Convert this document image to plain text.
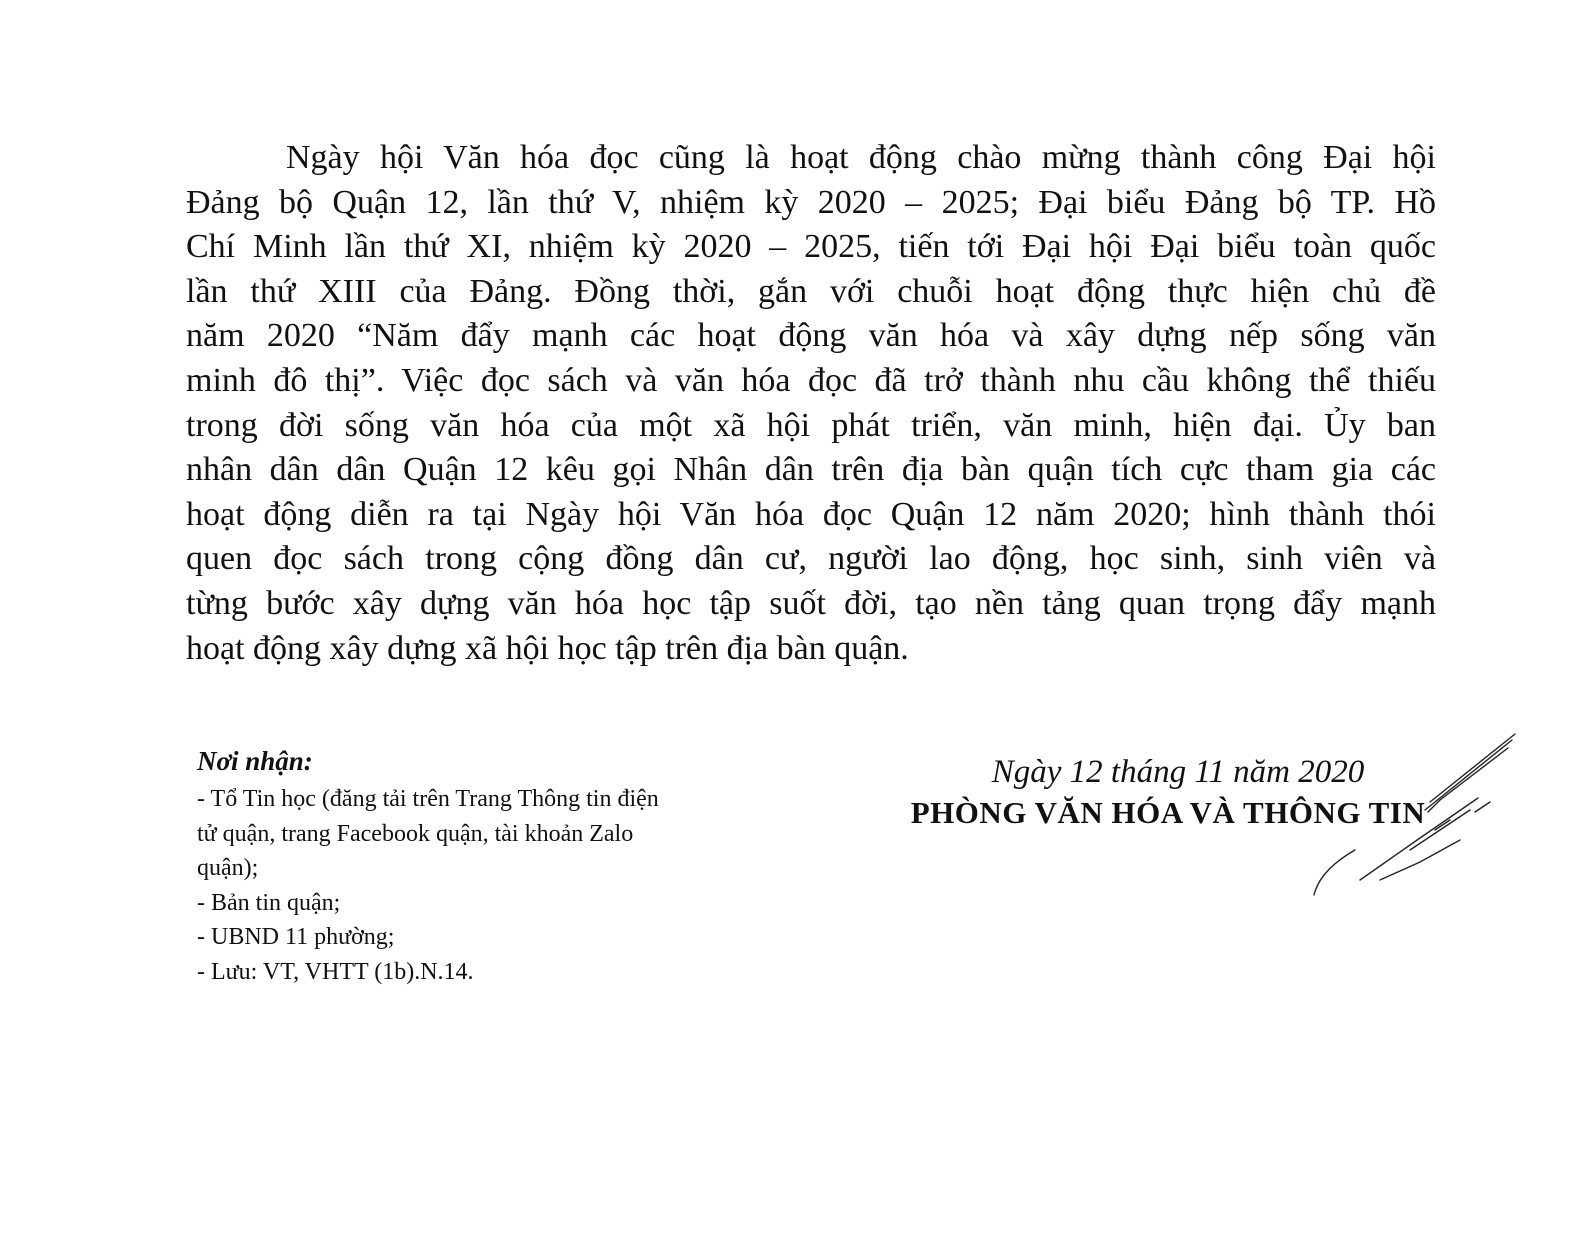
Ngày hội Văn hóa đọc cũng là hoạt động chào mừng thành công Đại hội
Đảng bộ Quận 12, lần thứ V, nhiệm kỳ 2020 – 2025; Đại biểu Đảng bộ TP. Hồ
Chí Minh lần thứ XI, nhiệm kỳ 2020 – 2025, tiến tới Đại hội Đại biểu toàn quốc
lần thứ XIII của Đảng. Đồng thời, gắn với chuỗi hoạt động thực hiện chủ đề
năm 2020 “Năm đẩy mạnh các hoạt động văn hóa và xây dựng nếp sống văn
minh đô thị”. Việc đọc sách và văn hóa đọc đã trở thành nhu cầu không thể thiếu
trong đời sống văn hóa của một xã hội phát triển, văn minh, hiện đại. Ủy ban
nhân dân dân Quận 12 kêu gọi Nhân dân trên địa bàn quận tích cực tham gia các
hoạt động diễn ra tại Ngày hội Văn hóa đọc Quận 12 năm 2020; hình thành thói
quen đọc sách trong cộng đồng dân cư, người lao động, học sinh, sinh viên và
từng bước xây dựng văn hóa học tập suốt đời, tạo nền tảng quan trọng đẩy mạnh
hoạt động xây dựng xã hội học tập trên địa bàn quận.

Nơi nhận:

- Tổ Tin học (đăng tải trên Trang Thông tin điện

tử quận, trang Facebook quận, tài khoản Zalo

quận);

- Bản tin quận;

- UBND 11 phường;

- Lưu: VT, VHTT (1b).N.14.

Ngày 12 tháng 11 năm 2020

PHÒNG VĂN HÓA VÀ THÔNG TIN
